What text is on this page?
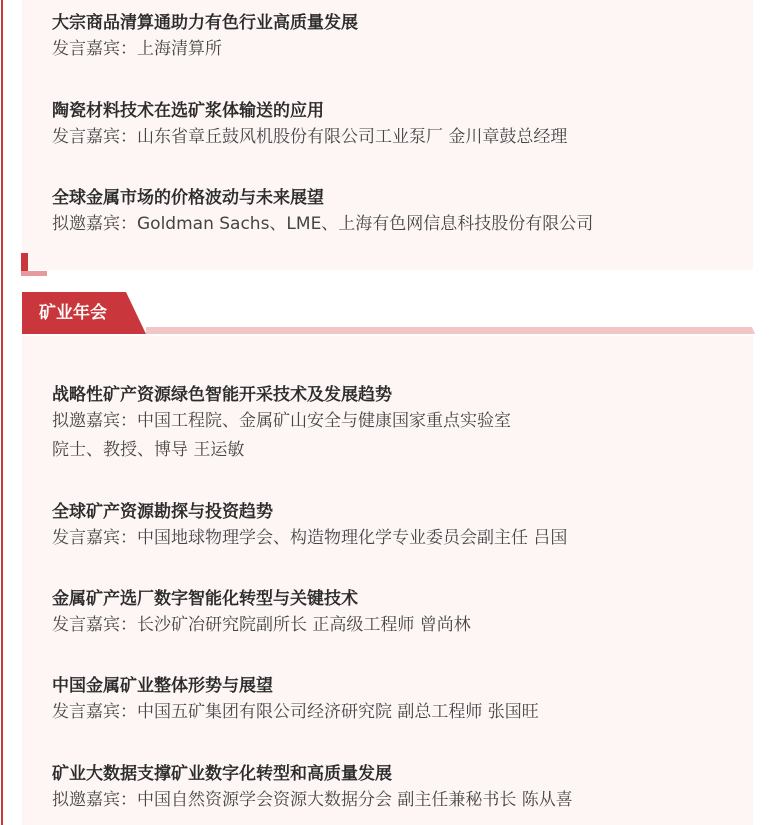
大宗商品清算通助力有色行业高质量发展
发言嘉宾：上海清算所
陶瓷材料技术在选矿浆体输送的应用
发言嘉宾：山东省章丘鼓风机股份有限公司工业泵厂 金川章鼓总经理
全球金属市场的价格波动与未来展望
拟邀嘉宾：Goldman Sachs、LME、上海有色网信息科技股份有限公司
矿业年会
战略性矿产资源绿色智能开采技术及发展趋势
拟邀嘉宾：中国工程院、金属矿山安全与健康国家重点实验室
院士、教授、博导 王运敏
全球矿产资源勘探与投资趋势
发言嘉宾：中国地球物理学会、构造物理化学专业委员会副主任 吕国
金属矿产选厂数字智能化转型与关键技术
发言嘉宾：长沙矿冶研究院副所长 正高级工程师 曾尚林
中国金属矿业整体形势与展望
发言嘉宾：中国五矿集团有限公司经济研究院 副总工程师 张国旺
矿业大数据支撑矿业数字化转型和高质量发展
拟邀嘉宾：中国自然资源学会资源大数据分会 副主任兼秘书长 陈从喜
